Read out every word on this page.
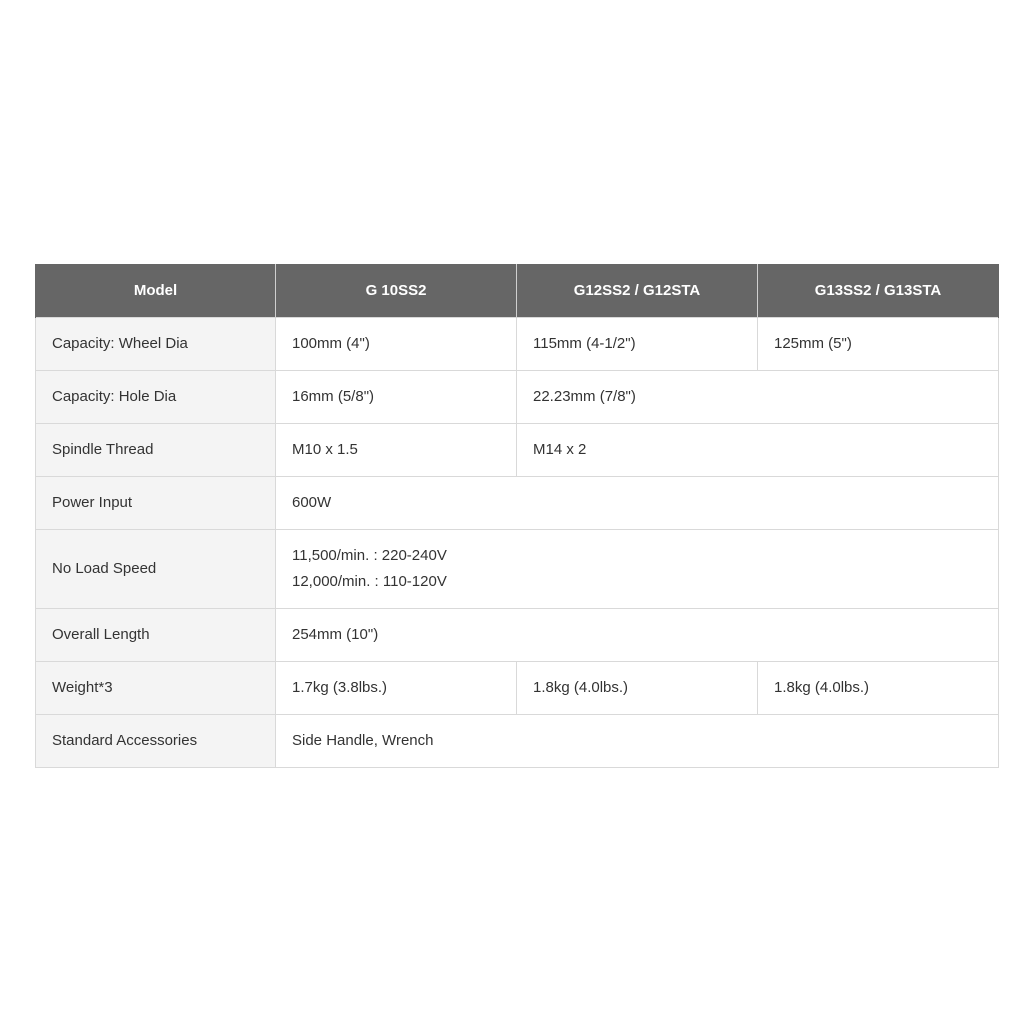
Model	G 10SS2	G12SS2 / G12STA	G13SS2 / G13STA
Capacity: Wheel Dia	100mm (4")	115mm (4-1/2")	125mm (5")
Capacity: Hole Dia	16mm (5/8")	22.23mm (7/8")	
Spindle Thread	M10 x 1.5	M14 x 2	
Power Input	600W		
No Load Speed	11,500/min. : 220-240V
12,000/min. : 110-120V		

Overall Length	254mm (10")		
Weight*3	1.7kg (3.8lbs.)	1.8kg (4.0lbs.)	1.8kg (4.0lbs.)
Standard Accessories	Side Handle, Wrench		
